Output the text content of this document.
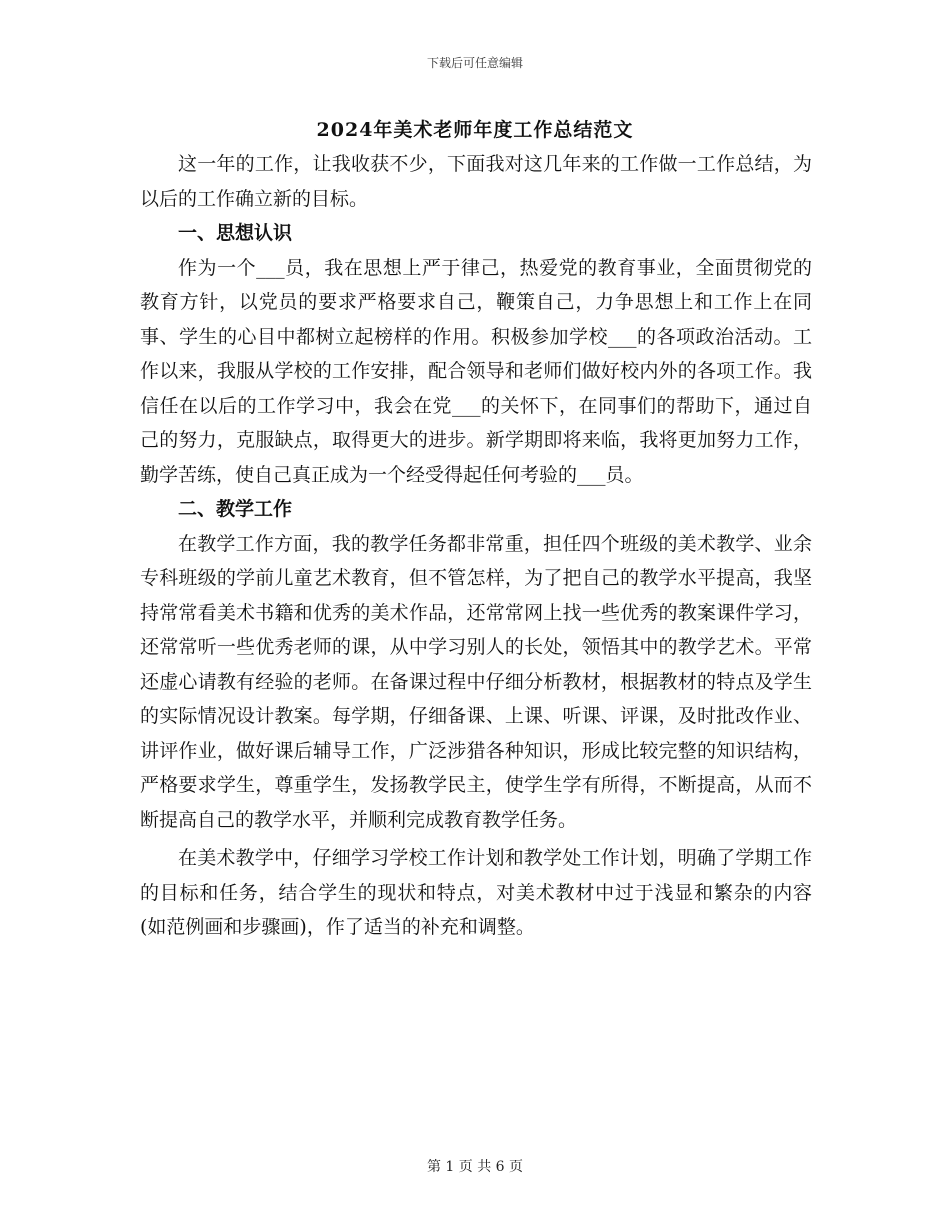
下载后可任意编辑
2024年美术老师年度工作总结范文

这一年的工作，让我收获不少，下面我对这几年来的工作做一工作总结，为以后的工作确立新的目标。

一、思想认识

作为一个___员，我在思想上严于律己，热爱党的教育事业，全面贯彻党的教育方针，以党员的要求严格要求自己，鞭策自己，力争思想上和工作上在同事、学生的心目中都树立起榜样的作用。积极参加学校___的各项政治活动。工作以来，我服从学校的工作安排，配合领导和老师们做好校内外的各项工作。我信任在以后的工作学习中，我会在党___的关怀下，在同事们的帮助下，通过自己的努力，克服缺点，取得更大的进步。新学期即将来临，我将更加努力工作，勤学苦练，使自己真正成为一个经受得起任何考验的___员。

二、教学工作

在教学工作方面，我的教学任务都非常重，担任四个班级的美术教学、业余专科班级的学前儿童艺术教育，但不管怎样，为了把自己的教学水平提高，我坚持常常看美术书籍和优秀的美术作品，还常常网上找一些优秀的教案课件学习，还常常听一些优秀老师的课，从中学习别人的长处，领悟其中的教学艺术。平常还虚心请教有经验的老师。在备课过程中仔细分析教材，根据教材的特点及学生的实际情况设计教案。每学期，仔细备课、上课、听课、评课，及时批改作业、讲评作业，做好课后辅导工作，广泛涉猎各种知识，形成比较完整的知识结构，严格要求学生，尊重学生，发扬教学民主，使学生学有所得，不断提高，从而不断提高自己的教学水平，并顺利完成教育教学任务。

在美术教学中，仔细学习学校工作计划和教学处工作计划，明确了学期工作的目标和任务，结合学生的现状和特点，对美术教材中过于浅显和繁杂的内容(如范例画和步骤画)，作了适当的补充和调整。

第 1 页 共 6 页
